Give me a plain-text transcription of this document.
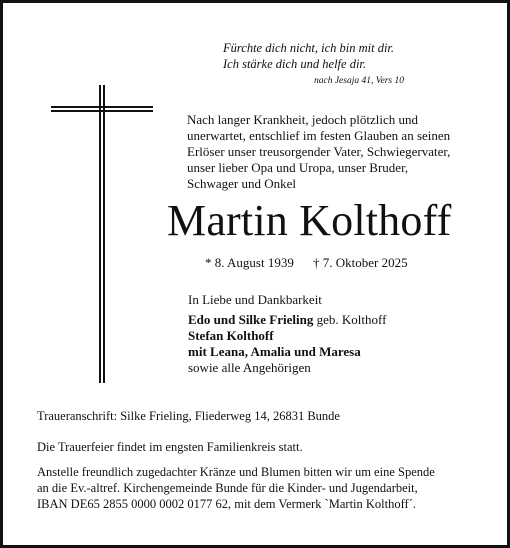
Fürchte dich nicht, ich bin mit dir.
Ich stärke dich und helfe dir.
nach Jesaja 41, Vers 10
Nach langer Krankheit, jedoch plötzlich und
unerwartet, entschlief im festen Glauben an seinen
Erlöser unser treusorgender Vater, Schwiegervater,
unser lieber Opa und Uropa, unser Bruder,
Schwager und Onkel
Martin Kolthoff
* 8. August 1939 † 7. Oktober 2025
In Liebe und Dankbarkeit
Edo und Silke Frieling geb. Kolthoff
Stefan Kolthoff
mit Leana, Amalia und Maresa
sowie alle Angehörigen
Traueranschrift: Silke Frieling, Fliederweg 14, 26831 Bunde
Die Trauerfeier findet im engsten Familienkreis statt.
Anstelle freundlich zugedachter Kränze und Blumen bitten wir um eine Spende
an die Ev.-altref. Kirchengemeinde Bunde für die Kinder- und Jugendarbeit,
IBAN DE65 2855 0000 0002 0177 62, mit dem Vermerk `Martin Kolthoff´.
